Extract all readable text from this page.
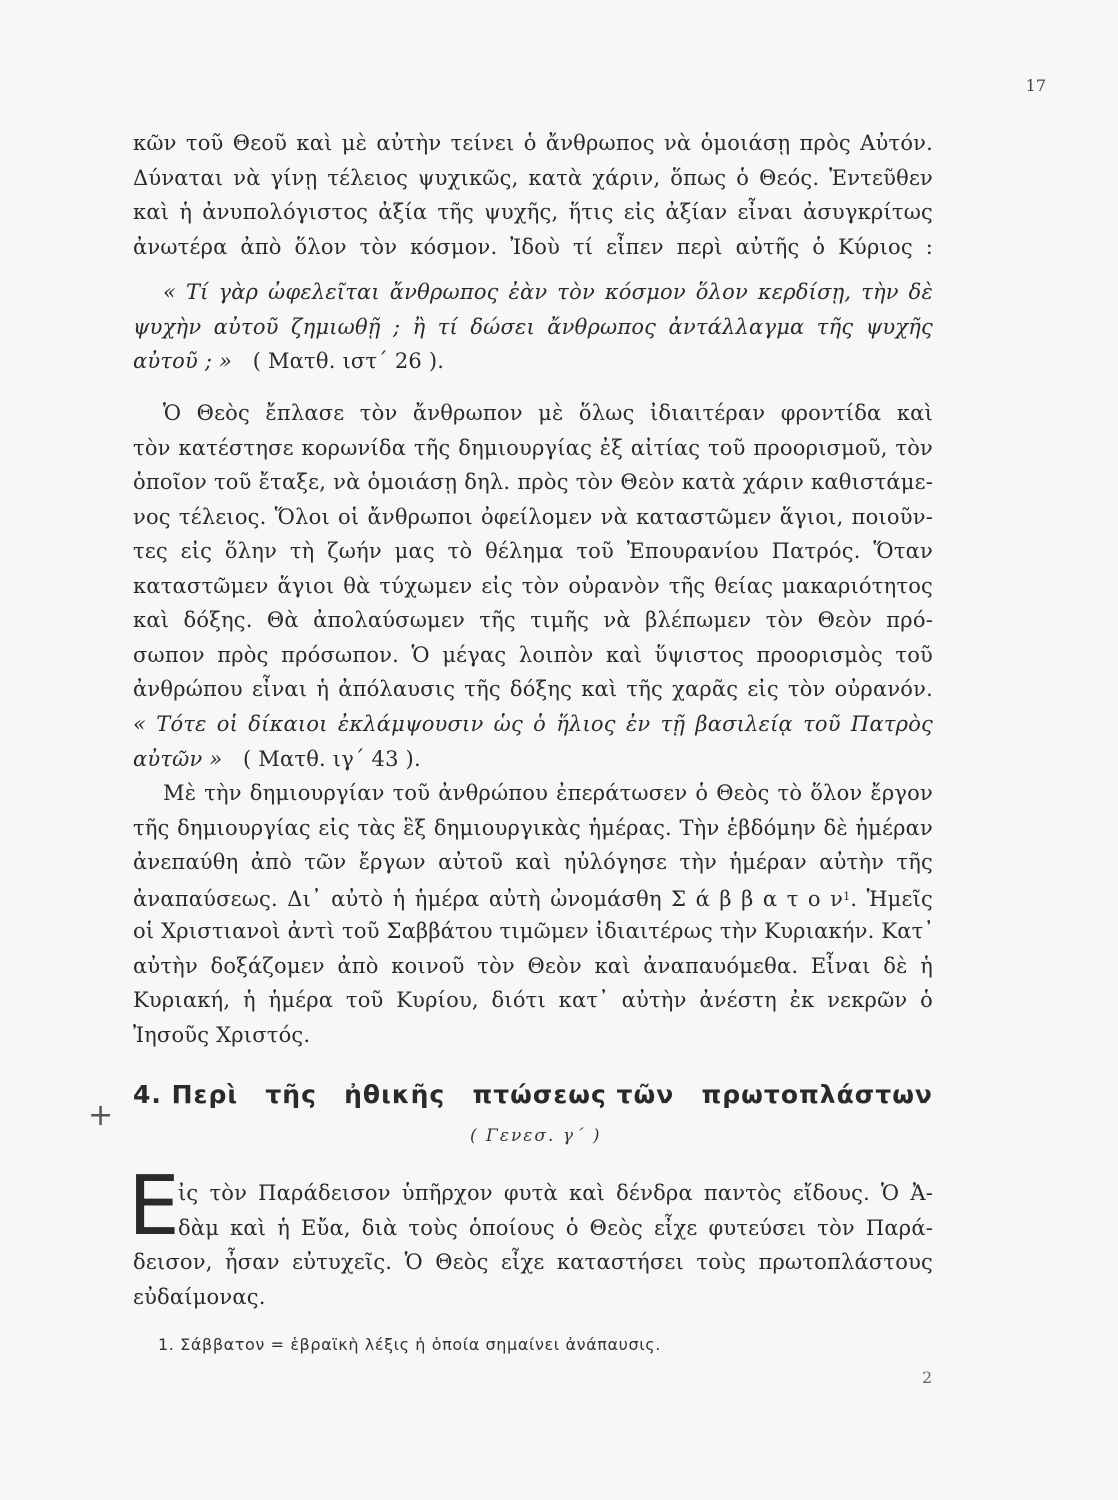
17
κῶν τοῦ Θεοῦ καὶ μὲ αὐτὴν τείνει ὁ ἄνθρωπος νὰ ὁμοιάσῃ πρὸς Αὐτόν.
Δύναται νὰ γίνῃ τέλειος ψυχικῶς, κατὰ χάριν, ὅπως ὁ Θεός. Ἐντεῦθεν
καὶ ἡ ἀνυπολόγιστος ἀξία τῆς ψυχῆς, ἥτις εἰς ἀξίαν εἶναι ἀσυγκρίτως
ἀνωτέρα ἀπὸ ὅλον τὸν κόσμον. Ἰδοὺ τί εἶπεν περὶ αὐτῆς ὁ Κύριος :
« Τί γὰρ ὠφελεῖται ἄνθρωπος ἐὰν τὸν κόσμον ὅλον κερδίσῃ, τὴν δὲ
ψυχὴν αὐτοῦ ζημιωθῇ ; ἢ τί δώσει ἄνθρωπος ἀντάλλαγμα τῆς ψυχῆς
αὐτοῦ ; » ( Ματθ. ιστ΄ 26 ).
Ὁ Θεὸς ἔπλασε τὸν ἄνθρωπον μὲ ὅλως ἰδιαιτέραν φροντίδα καὶ
τὸν κατέστησε κορωνίδα τῆς δημιουργίας ἐξ αἰτίας τοῦ προορισμοῦ, τὸν
ὁποῖον τοῦ ἔταξε, νὰ ὁμοιάσῃ δηλ. πρὸς τὸν Θεὸν κατὰ χάριν καθιστάμε-
νος τέλειος. Ὅλοι οἱ ἄνθρωποι ὀφείλομεν νὰ καταστῶμεν ἅγιοι, ποιοῦν-
τες εἰς ὅλην τὴ ζωήν μας τὸ θέλημα τοῦ Ἐπουρανίου Πατρός. Ὅταν
καταστῶμεν ἅγιοι θὰ τύχωμεν εἰς τὸν οὐρανὸν τῆς θείας μακαριότητος
καὶ δόξης. Θὰ ἀπολαύσωμεν τῆς τιμῆς νὰ βλέπωμεν τὸν Θεὸν πρό-
σωπον πρὸς πρόσωπον. Ὁ μέγας λοιπὸν καὶ ὕψιστος προορισμὸς τοῦ
ἀνθρώπου εἶναι ἡ ἀπόλαυσις τῆς δόξης καὶ τῆς χαρᾶς εἰς τὸν οὐρανόν.
« Τότε οἱ δίκαιοι ἐκλάμψουσιν ὡς ὁ ἥλιος ἐν τῇ βασιλείᾳ τοῦ Πατρὸς
αὐτῶν » ( Ματθ. ιγ΄ 43 ).
Μὲ τὴν δημιουργίαν τοῦ ἀνθρώπου ἐπεράτωσεν ὁ Θεὸς τὸ ὅλον ἔργον
τῆς δημιουργίας εἰς τὰς ἓξ δημιουργικὰς ἡμέρας. Τὴν ἑβδόμην δὲ ἡμέραν
ἀνεπαύθη ἀπὸ τῶν ἔργων αὐτοῦ καὶ ηὐλόγησε τὴν ἡμέραν αὐτὴν τῆς
ἀναπαύσεως. Δι᾽ αὐτὸ ἡ ἡμέρα αὐτὴ ὠνομάσθη Σ ά β β α τ ο $\nu^1$. Ἡμεῖς
οἱ Χριστιανοὶ ἀντὶ τοῦ Σαββάτου τιμῶμεν ἰδιαιτέρως τὴν Κυριακήν. Κατ᾽
αὐτὴν δοξάζομεν ἀπὸ κοινοῦ τὸν Θεὸν καὶ ἀναπαυόμεθα. Εἶναι δὲ ἡ
Κυριακή, ἡ ἡμέρα τοῦ Κυρίου, διότι κατ᾽ αὐτὴν ἀνέστη ἐκ νεκρῶν ὁ
Ἰησοῦς Χριστός.
+
4. Περὶ τῆς ἠθικῆς πτώσεως τῶν πρωτοπλάστων
( Γενεσ. γ΄ )
Ε
ἰς τὸν Παράδεισον ὑπῆρχον φυτὰ καὶ δένδρα παντὸς εἴδους. Ὁ Ἀ-
δὰμ καὶ ἡ Εὔα, διὰ τοὺς ὁποίους ὁ Θεὸς εἶχε φυτεύσει τὸν Παρά-
δεισον, ἦσαν εὐτυχεῖς. Ὁ Θεὸς εἶχε καταστήσει τοὺς πρωτοπλάστους
εὐδαίμονας.
1. Σάββατον = ἑβραϊκὴ λέξις ἡ ὁποία σημαίνει ἀνάπαυσις.
2
